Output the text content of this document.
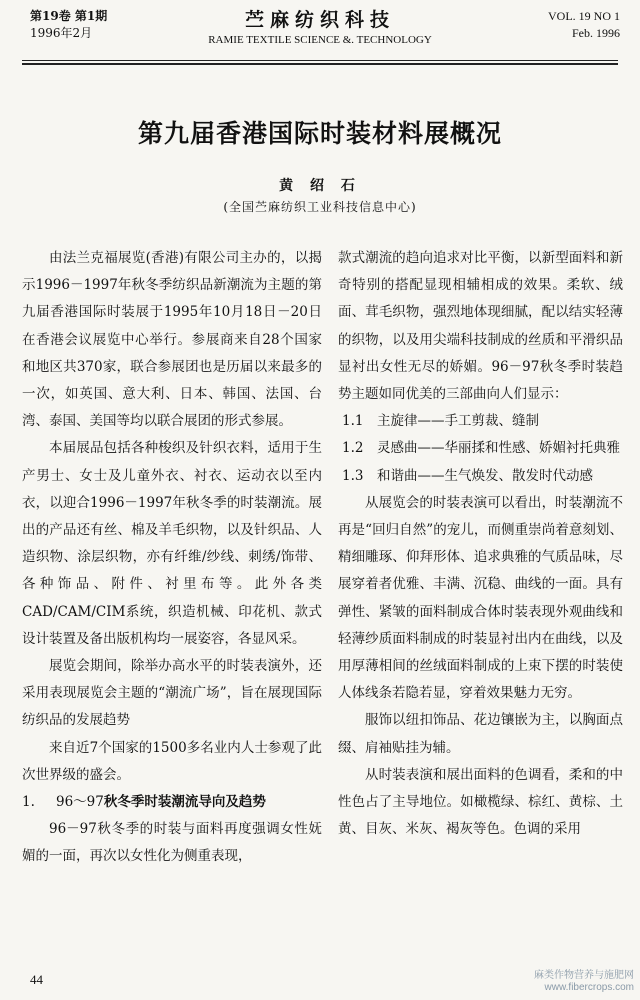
第19卷 第1期
1996年2月
苎麻纺织科技
RAMIE TEXTILE SCIENCE &. TECHNOLOGY
VOL. 19 NO 1
Feb. 1996
第九届香港国际时装材料展概况
黄 绍 石
(全国苎麻纺织工业科技信息中心)

由法兰克福展览(香港)有限公司主办的，以揭示1996－1997年秋冬季纺织品新潮流为主题的第九届香港国际时装展于1995年10月18日－20日在香港会议展览中心举行。参展商来自28个国家和地区共370家，联合参展团也是历届以来最多的一次，如英国、意大利、日本、韩国、法国、台湾、泰国、美国等均以联合展团的形式参展。

本届展品包括各种梭织及针织衣料，适用于生产男士、女士及儿童外衣、衬衣、运动衣以至内衣，以迎合1996－1997年秋冬季的时装潮流。展出的产品还有丝、棉及羊毛织物，以及针织品、人造织物、涂层织物，亦有纤维/纱线、刺绣/饰带、各种饰品、附件、衬里布等。此外各类CAD/CAM/CIM系统，织造机械、印花机、款式设计装置及备出版机构均一展姿容，各显风采。

展览会期间，除举办高水平的时装表演外，还采用表现展览会主题的“潮流广场”，旨在展现国际纺织品的发展趋势

来自近7个国家的1500多名业内人士参观了此次世界级的盛会。

1. 96～97秋冬季时装潮流导向及趋势

96－97秋冬季的时装与面料再度强调女性妩媚的一面，再次以女性化为侧重表现，

款式潮流的趋向追求对比平衡，以新型面料和新奇特别的搭配显现相辅相成的效果。柔软、绒面、茸毛织物，强烈地体现细腻，配以结实轻薄的织物，以及用尖端科技制成的丝质和平滑织品显衬出女性无尽的娇媚。96－97秋冬季时装趋势主题如同优美的三部曲向人们显示：

1.1　主旋律——手工剪裁、缝制

1.2　灵感曲——华丽揉和性感、娇媚衬托典雅

1.3　和谐曲——生气焕发、散发时代动感

从展览会的时装表演可以看出，时装潮流不再是“回归自然”的宠儿，而侧重崇尚着意刻划、精细雕琢、仰拜形体、追求典雅的气质品味，尽展穿着者优雅、丰满、沉稳、曲线的一面。具有弹性、紧皱的面料制成合体时装表现外观曲线和轻薄纱质面料制成的时装显衬出内在曲线，以及用厚薄相间的丝绒面料制成的上束下摆的时装使人体线条若隐若显，穿着效果魅力无穷。

服饰以纽扣饰品、花边镶嵌为主，以胸面点缀、肩袖贴挂为辅。

从时装表演和展出面料的色调看，柔和的中性色占了主导地位。如橄榄绿、棕红、黄棕、土黄、目灰、米灰、褐灰等色。色调的采用

44	麻类作物营养与施肥网
www.fibercrops.com
